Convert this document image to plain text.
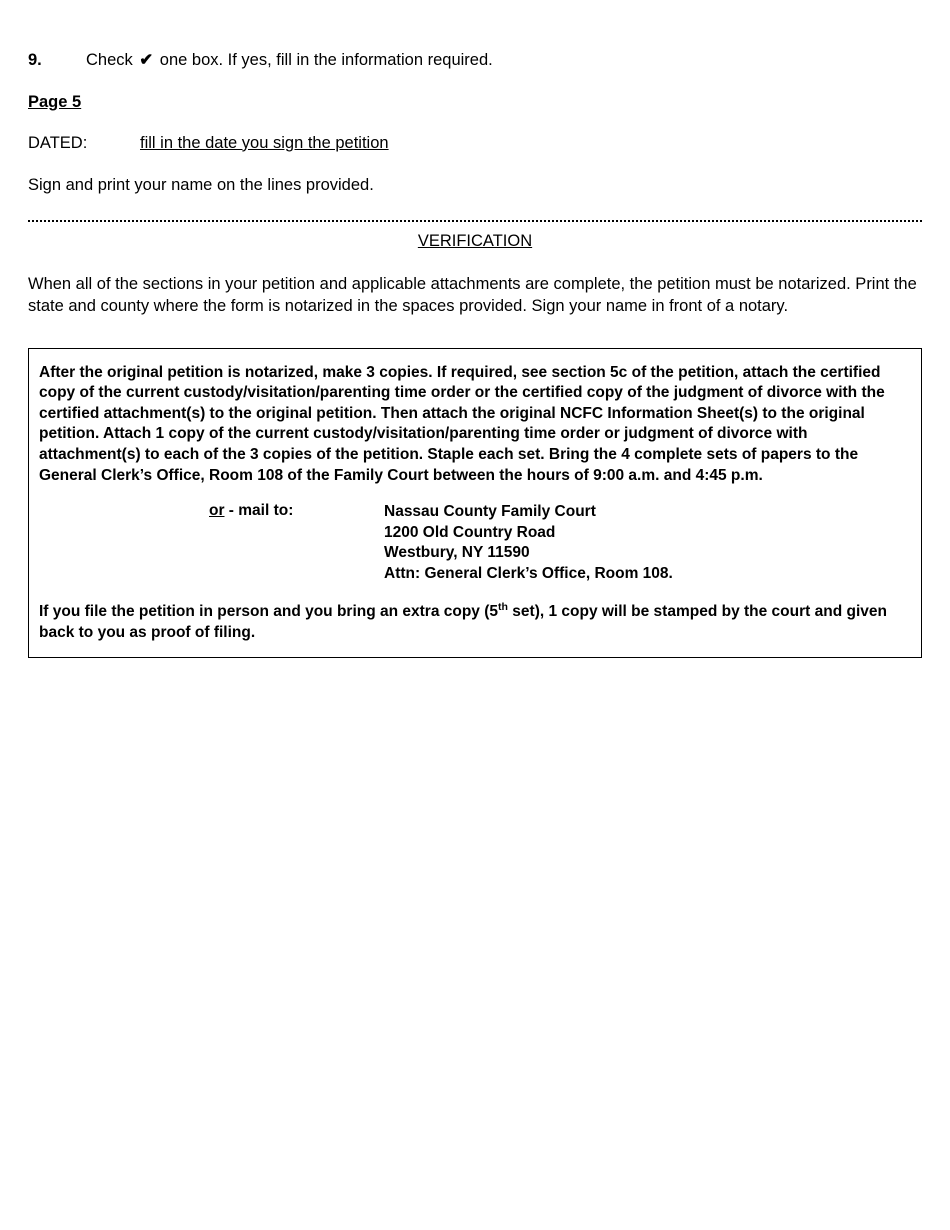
9.	Check ✔ one box. If yes, fill in the information required.
Page 5
DATED:	fill in the date you sign the petition
Sign and print your name on the lines provided.
VERIFICATION
When all of the sections in your petition and applicable attachments are complete, the petition must be notarized. Print the state and county where the form is notarized in the spaces provided. Sign your name in front of a notary.

After the original petition is notarized, make 3 copies. If required, see section 5c of the petition, attach the certified copy of the current custody/visitation/parenting time order or the certified copy of the judgment of divorce with the certified attachment(s) to the original petition. Then attach the original NCFC Information Sheet(s) to the original petition. Attach 1 copy of the current custody/visitation/parenting time order or judgment of divorce with attachment(s) to each of the 3 copies of the petition. Staple each set. Bring the 4 complete sets of papers to the General Clerk’s Office, Room 108 of the Family Court between the hours of 9:00 a.m. and 4:45 p.m.

or - mail to:	Nassau County Family Court
1200 Old Country Road
Westbury, NY 11590
Attn: General Clerk’s Office, Room 108.

If you file the petition in person and you bring an extra copy (5th set), 1 copy will be stamped by the court and given back to you as proof of filing.
